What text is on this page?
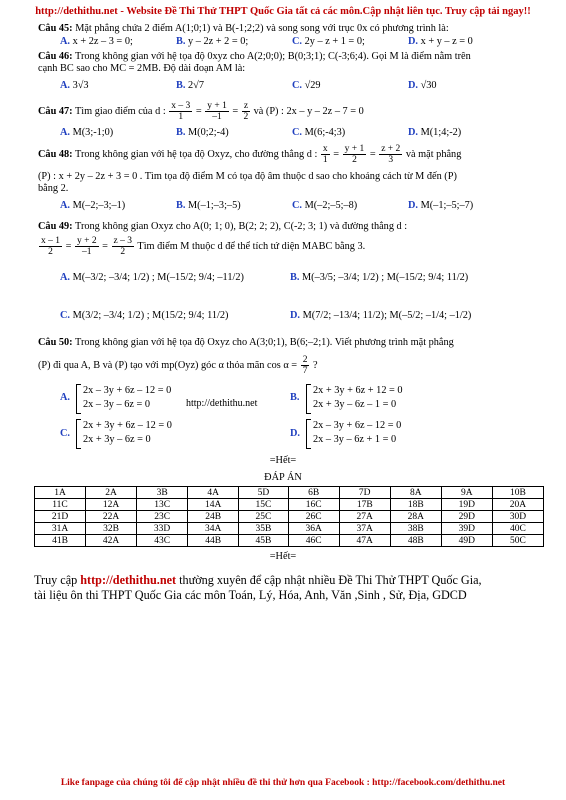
http://dethithu.net - Website Đề Thi Thử THPT Quốc Gia tất cả các môn.Cập nhật liên tục. Truy cập tải ngay!!
Câu 45: Mặt phẳng chứa 2 điểm A(1;0;1) và B(-1;2;2) và song song với trục 0x có phương trình là:
A. x + 2z – 3 = 0;	B. y – 2z + 2 = 0;	C. 2y – z + 1 = 0;	D. x + y – z = 0
Câu 46: Trong không gian với hệ tọa độ 0xyz cho A(2;0;0); B(0;3;1); C(-3;6;4). Gọi M là điểm nằm trên
cạnh BC sao cho MC = 2MB. Độ dài đoạn AM là:
A. 3√3	B. 2√7	C. √29	D. √30
Câu 47: Tìm giao điểm của d : $\frac{x - 3}{1} = \frac{y + 1}{-1} = \frac{z}{2}$ và (P) : 2x – y – 2z – 7 = 0
A. M(3;-1;0)	B. M(0;2;-4)	C. M(6;-4;3)	D. M(1;4;-2)
Câu 48: Trong không gian với hệ tọa độ Oxyz, cho đường thẳng d : $\frac{x}{1} = \frac{y + 1}{2} = \frac{z + 2}{3}$ và mặt phẳng
(P) : x + 2y – 2z + 3 = 0 . Tìm tọa độ điểm M có tọa độ âm thuộc d sao cho khoảng cách từ M đến (P)
bằng 2.
A. M(–2;–3;–1)	B. M(–1;–3;–5)	C. M(–2;–5;–8)	D. M(–1;–5;–7)
Câu 49: Trong không gian Oxyz cho A(0; 1; 0), B(2; 2; 2), C(-2; 3; 1) và đường thẳng d :
$\frac{x - 1}{2} = \frac{y + 2}{-1} = \frac{z - 3}{2}$ Tìm điểm M thuộc d để thể tích tứ diện MABC bằng 3.
A. M(–3/2; –3/4; 1/2) ; M(–15/2; 9/4; –11/2)	B. M(–3/5; –3/4; 1/2) ; M(–15/2; 9/4; 11/2)
C. M(3/2; –3/4; 1/2) ; M(15/2; 9/4; 11/2)	D. M(7/2; –13/4; 11/2); M(–5/2; –1/4; –1/2)
Câu 50: Trong không gian với hệ tọa độ Oxyz cho A(3;0;1), B(6;–2;1). Viết phương trình mặt phẳng
(P) đi qua A, B và (P) tạo với mp(Oyz) góc α thỏa mãn $\cos \alpha = \frac{2}{7}$ ?
A.
2x – 3y + 6z – 12 = 0
2x – 3y – 6z = 0	http://dethithu.net
B.
2x + 3y + 6z + 12 = 0
2x + 3y – 6z – 1 = 0
C.
2x + 3y + 6z – 12 = 0
2x + 3y – 6z = 0
D.
2x – 3y + 6z – 12 = 0
2x – 3y – 6z + 1 = 0
=Hết=
ĐÁP ÁN
1A	2A	3B	4A	5D	6B	7D	8A	9A	10B
11C	12A	13C	14A	15C	16C	17B	18B	19D	20A
21D	22A	23C	24B	25C	26C	27A	28A	29D	30D
31A	32B	33D	34A	35B	36A	37A	38B	39D	40C
41B	42A	43C	44B	45B	46C	47A	48B	49D	50C
=Hết=
Truy cập http://dethithu.net thường xuyên để cập nhật nhiều Đề Thi Thử THPT Quốc Gia,
tài liệu ôn thi THPT Quốc Gia các môn Toán, Lý, Hóa, Anh, Văn ,Sinh , Sử, Địa, GDCD
Like fanpage của chúng tôi để cập nhật nhiều đề thi thử hơn qua Facebook : http://facebook.com/dethithu.net
